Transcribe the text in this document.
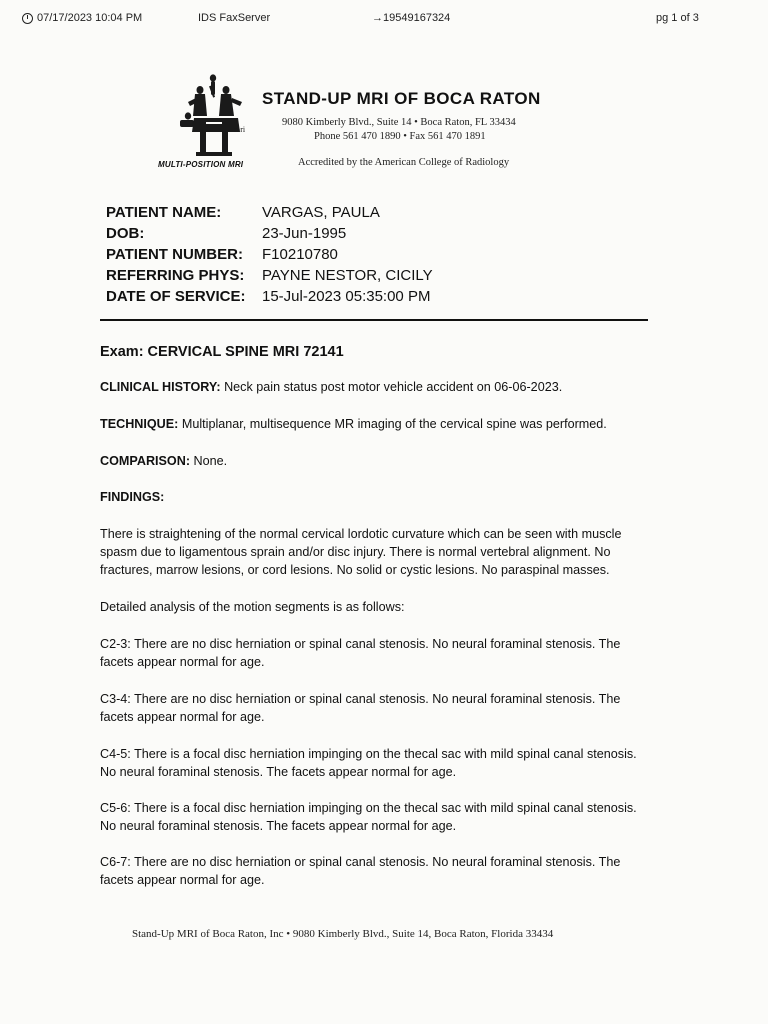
07/17/2023 10:04 PM	IDS FaxServer	→19549167324	pg 1 of 3
mri
MULTI-POSITION MRI
STAND-UP MRI OF BOCA RATON
9080 Kimberly Blvd., Suite 14 • Boca Raton, FL 33434
Phone 561 470 1890 • Fax 561 470 1891
Accredited by the American College of Radiology
PATIENT NAME:	VARGAS, PAULA
DOB:	23-Jun-1995
PATIENT NUMBER: F10210780
REFERRING PHYS: PAYNE NESTOR, CICILY
DATE OF SERVICE: 15-Jul-2023 05:35:00 PM
Exam: CERVICAL SPINE MRI 72141
CLINICAL HISTORY: Neck pain status post motor vehicle accident on 06-06-2023.
TECHNIQUE: Multiplanar, multisequence MR imaging of the cervical spine was performed.
COMPARISON: None.
FINDINGS:
There is straightening of the normal cervical lordotic curvature which can be seen with muscle
spasm due to ligamentous sprain and/or disc injury. There is normal vertebral alignment. No
fractures, marrow lesions, or cord lesions. No solid or cystic lesions. No paraspinal masses.
Detailed analysis of the motion segments is as follows:
C2-3: There are no disc herniation or spinal canal stenosis. No neural foraminal stenosis. The
facets appear normal for age.
C3-4: There are no disc herniation or spinal canal stenosis. No neural foraminal stenosis. The
facets appear normal for age.
C4-5: There is a focal disc herniation impinging on the thecal sac with mild spinal canal stenosis.
No neural foraminal stenosis. The facets appear normal for age.
C5-6: There is a focal disc herniation impinging on the thecal sac with mild spinal canal stenosis.
No neural foraminal stenosis. The facets appear normal for age.
C6-7: There are no disc herniation or spinal canal stenosis. No neural foraminal stenosis. The
facets appear normal for age.
Stand-Up MRI of Boca Raton, Inc • 9080 Kimberly Blvd., Suite 14, Boca Raton, Florida 33434
